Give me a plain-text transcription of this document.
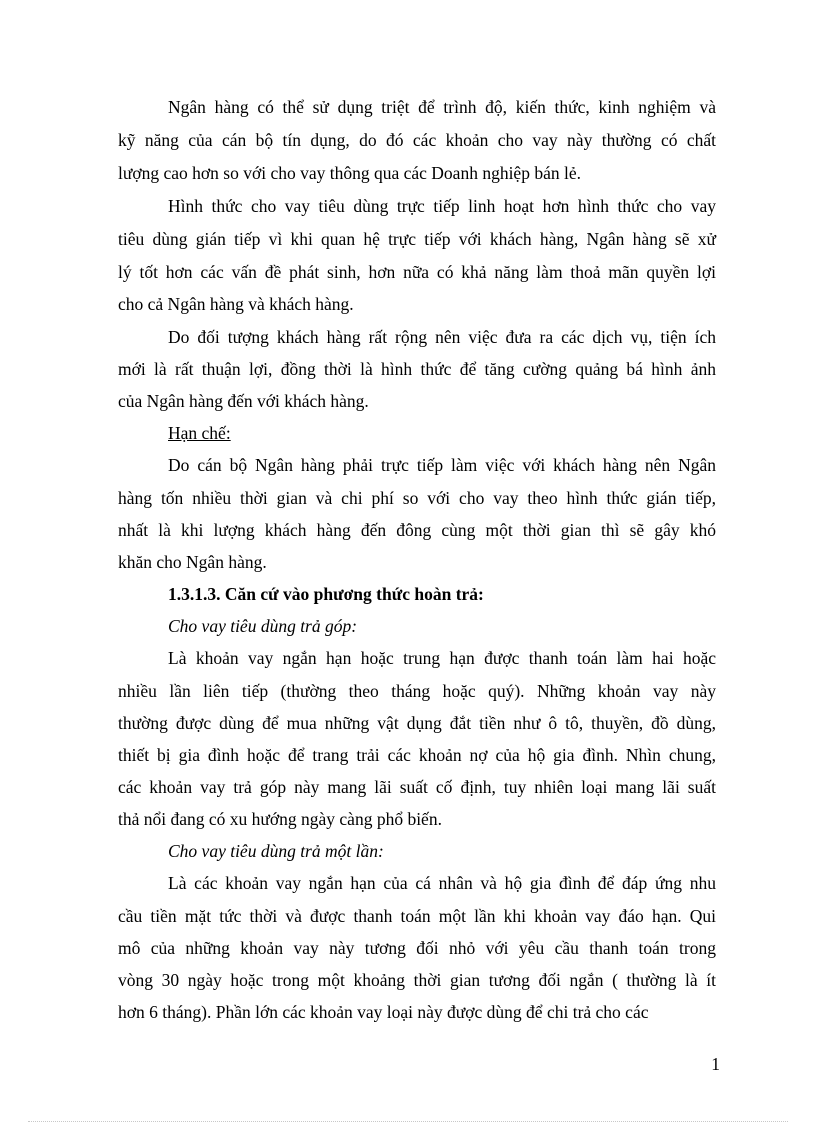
Ngân hàng có thể sử dụng triệt để trình độ, kiến thức, kinh nghiệm và
kỹ năng của cán bộ tín dụng, do đó các khoản cho vay này thường có chất
lượng cao hơn so với cho vay thông qua các Doanh nghiệp bán lẻ.
Hình thức cho vay tiêu dùng trực tiếp linh hoạt hơn hình thức cho vay
tiêu dùng gián tiếp vì khi quan hệ trực tiếp với khách hàng, Ngân hàng sẽ xử
lý tốt hơn các vấn đề phát sinh, hơn nữa có khả năng làm thoả mãn quyền lợi
cho cả Ngân hàng và khách hàng.
Do đối tượng khách hàng rất rộng nên việc đưa ra các dịch vụ, tiện ích
mới là rất thuận lợi, đồng thời là hình thức để tăng cường quảng bá hình ảnh
của Ngân hàng đến với khách hàng.
Hạn chế:
Do cán bộ Ngân hàng phải trực tiếp làm việc với khách hàng nên Ngân
hàng tốn nhiều thời gian và chi phí so với cho vay theo hình thức gián tiếp,
nhất là khi lượng khách hàng đến đông cùng một thời gian thì sẽ gây khó
khăn cho Ngân hàng.
1.3.1.3. Căn cứ vào phương thức hoàn trả:
Cho vay tiêu dùng trả góp:
Là khoản vay ngắn hạn hoặc trung hạn được thanh toán làm hai hoặc
nhiều lần liên tiếp (thường theo tháng hoặc quý). Những khoản vay này
thường được dùng để mua những vật dụng đắt tiền như ô tô, thuyền, đồ dùng,
thiết bị gia đình hoặc để trang trải các khoản nợ của hộ gia đình. Nhìn chung,
các khoản vay trả góp này mang lãi suất cố định, tuy nhiên loại mang lãi suất
thả nổi đang có xu hướng ngày càng phổ biến.
Cho vay tiêu dùng trả một lần:
Là các khoản vay ngắn hạn của cá nhân và hộ gia đình để đáp ứng nhu
cầu tiền mặt tức thời và được thanh toán một lần khi khoản vay đáo hạn. Qui
mô của những khoản vay này tương đối nhỏ với yêu cầu thanh toán trong
vòng 30 ngày hoặc trong một khoảng thời gian tương đối ngắn ( thường là ít
hơn 6 tháng). Phần lớn các khoản vay loại này được dùng để chi trả cho các
1
